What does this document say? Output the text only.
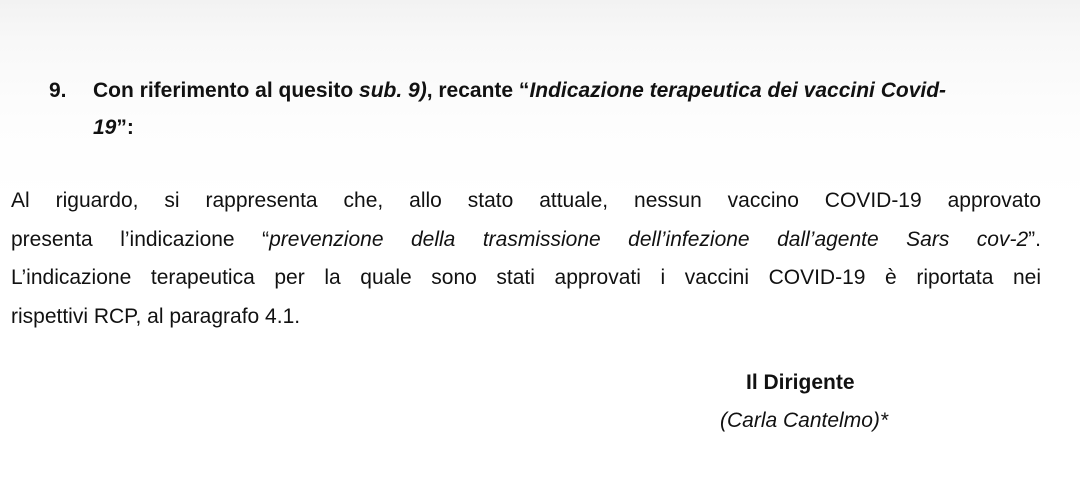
9. Con riferimento al quesito sub. 9), recante “Indicazione terapeutica dei vaccini Covid-
19”:
Al riguardo, si rappresenta che, allo stato attuale, nessun vaccino COVID-19 approvato
presenta l’indicazione “prevenzione della trasmissione dell’infezione dall’agente Sars cov-2”.
L’indicazione terapeutica per la quale sono stati approvati i vaccini COVID-19 è riportata nei
rispettivi RCP, al paragrafo 4.1.
Il Dirigente
(Carla Cantelmo)*
